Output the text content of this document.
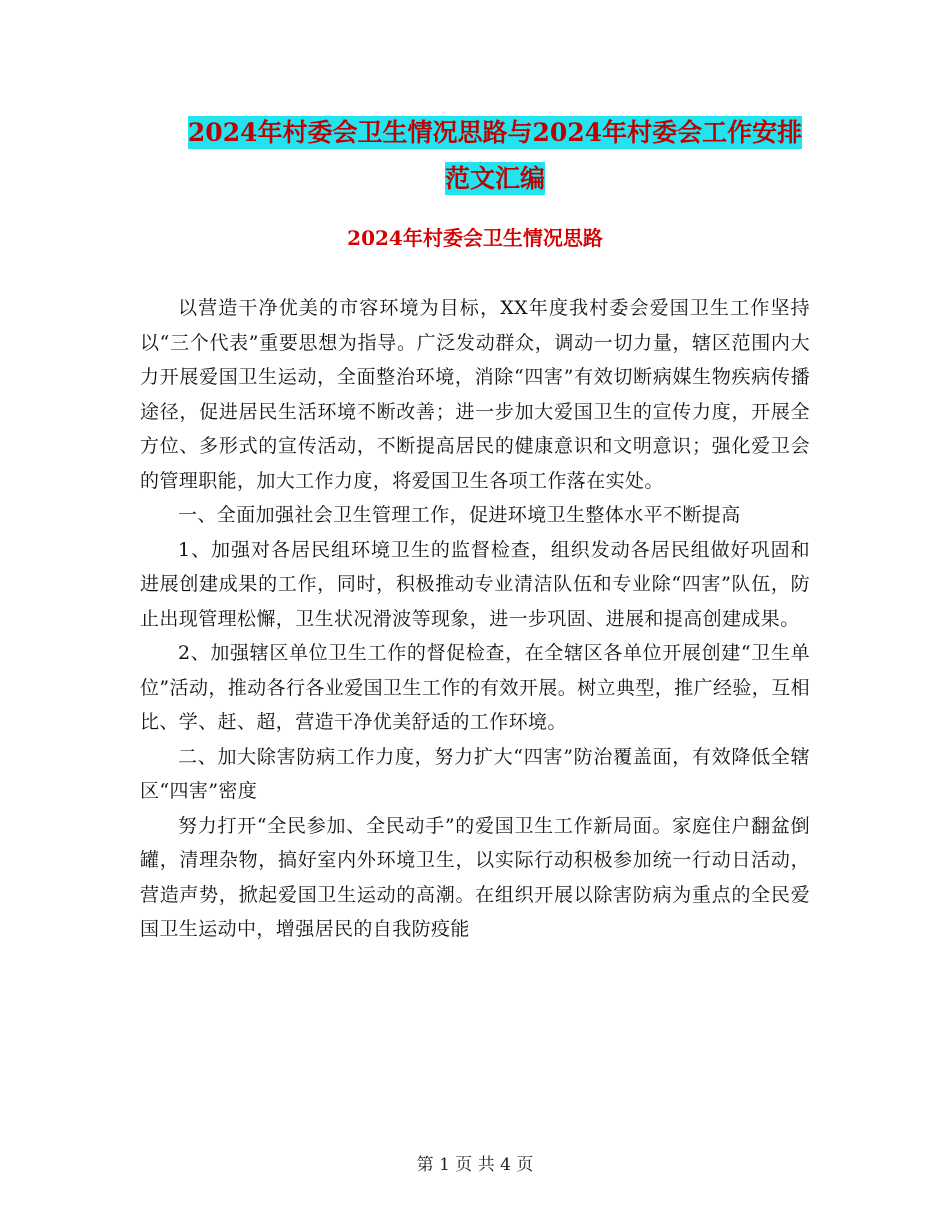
2024年村委会卫生情况思路与2024年村委会工作安排
范文汇编
2024年村委会卫生情况思路

以营造干净优美的市容环境为目标，XX年度我村委会爱国卫生工作坚持以“三个代表”重要思想为指导。广泛发动群众，调动一切力量，辖区范围内大力开展爱国卫生运动，全面整治环境，消除“四害”有效切断病媒生物疾病传播途径，促进居民生活环境不断改善；进一步加大爱国卫生的宣传力度，开展全方位、多形式的宣传活动，不断提高居民的健康意识和文明意识；强化爱卫会的管理职能，加大工作力度，将爱国卫生各项工作落在实处。

一、全面加强社会卫生管理工作，促进环境卫生整体水平不断提高

1、加强对各居民组环境卫生的监督检查，组织发动各居民组做好巩固和进展创建成果的工作，同时，积极推动专业清洁队伍和专业除“四害”队伍，防止出现管理松懈，卫生状况滑波等现象，进一步巩固、进展和提高创建成果。

2、加强辖区单位卫生工作的督促检查，在全辖区各单位开展创建“卫生单位”活动，推动各行各业爱国卫生工作的有效开展。树立典型，推广经验，互相比、学、赶、超，营造干净优美舒适的工作环境。

二、加大除害防病工作力度，努力扩大“四害”防治覆盖面，有效降低全辖区“四害”密度

努力打开“全民参加、全民动手”的爱国卫生工作新局面。家庭住户翻盆倒罐，清理杂物，搞好室内外环境卫生，以实际行动积极参加统一行动日活动，营造声势，掀起爱国卫生运动的高潮。在组织开展以除害防病为重点的全民爱国卫生运动中，增强居民的自我防疫能

第 1 页 共 4 页
